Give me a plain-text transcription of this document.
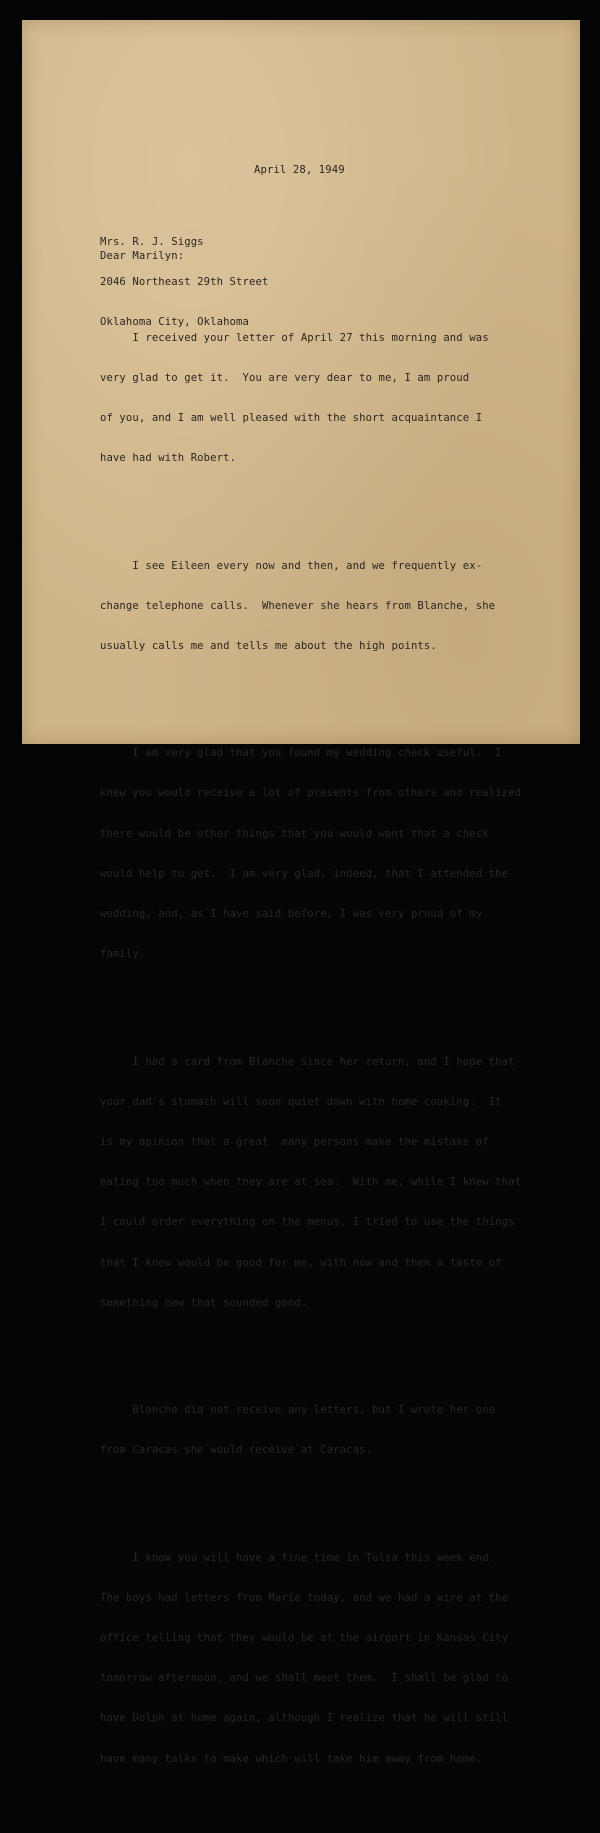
April 28, 1949

Mrs. R. J. Siggs

2046 Northeast 29th Street

Oklahoma City, Oklahoma

Dear Marilyn:

I received your letter of April 27 this morning and was

very glad to get it.  You are very dear to me, I am proud

of you, and I am well pleased with the short acquaintance I

have had with Robert.

I see Eileen every now and then, and we frequently ex-

change telephone calls.  Whenever she hears from Blanche, she

usually calls me and tells me about the high points.

I am very glad that you found my wedding check useful.  I

knew you would receive a lot of presents from others and realized

there would be other things that you would want that a check

would help to get.  I am very glad, indeed, that I attended the

wedding, and, as I have said before, I was very proud of my

family.

I had a card from Blanche since her return, and I hope that

your dad's stomach will soon quiet down with home cooking.  It

is my opinion that a great  many persons make the mistake of

eating too much when they are at sea.  With me, while I knew that

I could order everything on the menus, I tried to use the things

that I knew would be good for me, with now and then a taste of

something new that sounded good.

Blanche did not receive any letters, but I wrote her one

from Caracas she would receive at Caracas.

I know you will have a fine time in Tulsa this week end.

The boys had letters from Marie today, and we had a wire at the

office telling that they would be at the airport in Kansas City

tomorrow afternoon, and we shall meet them.  I shall be glad to

have Dolph at home again, although I realize that he will still

have many talks to make which will take him away from home.
